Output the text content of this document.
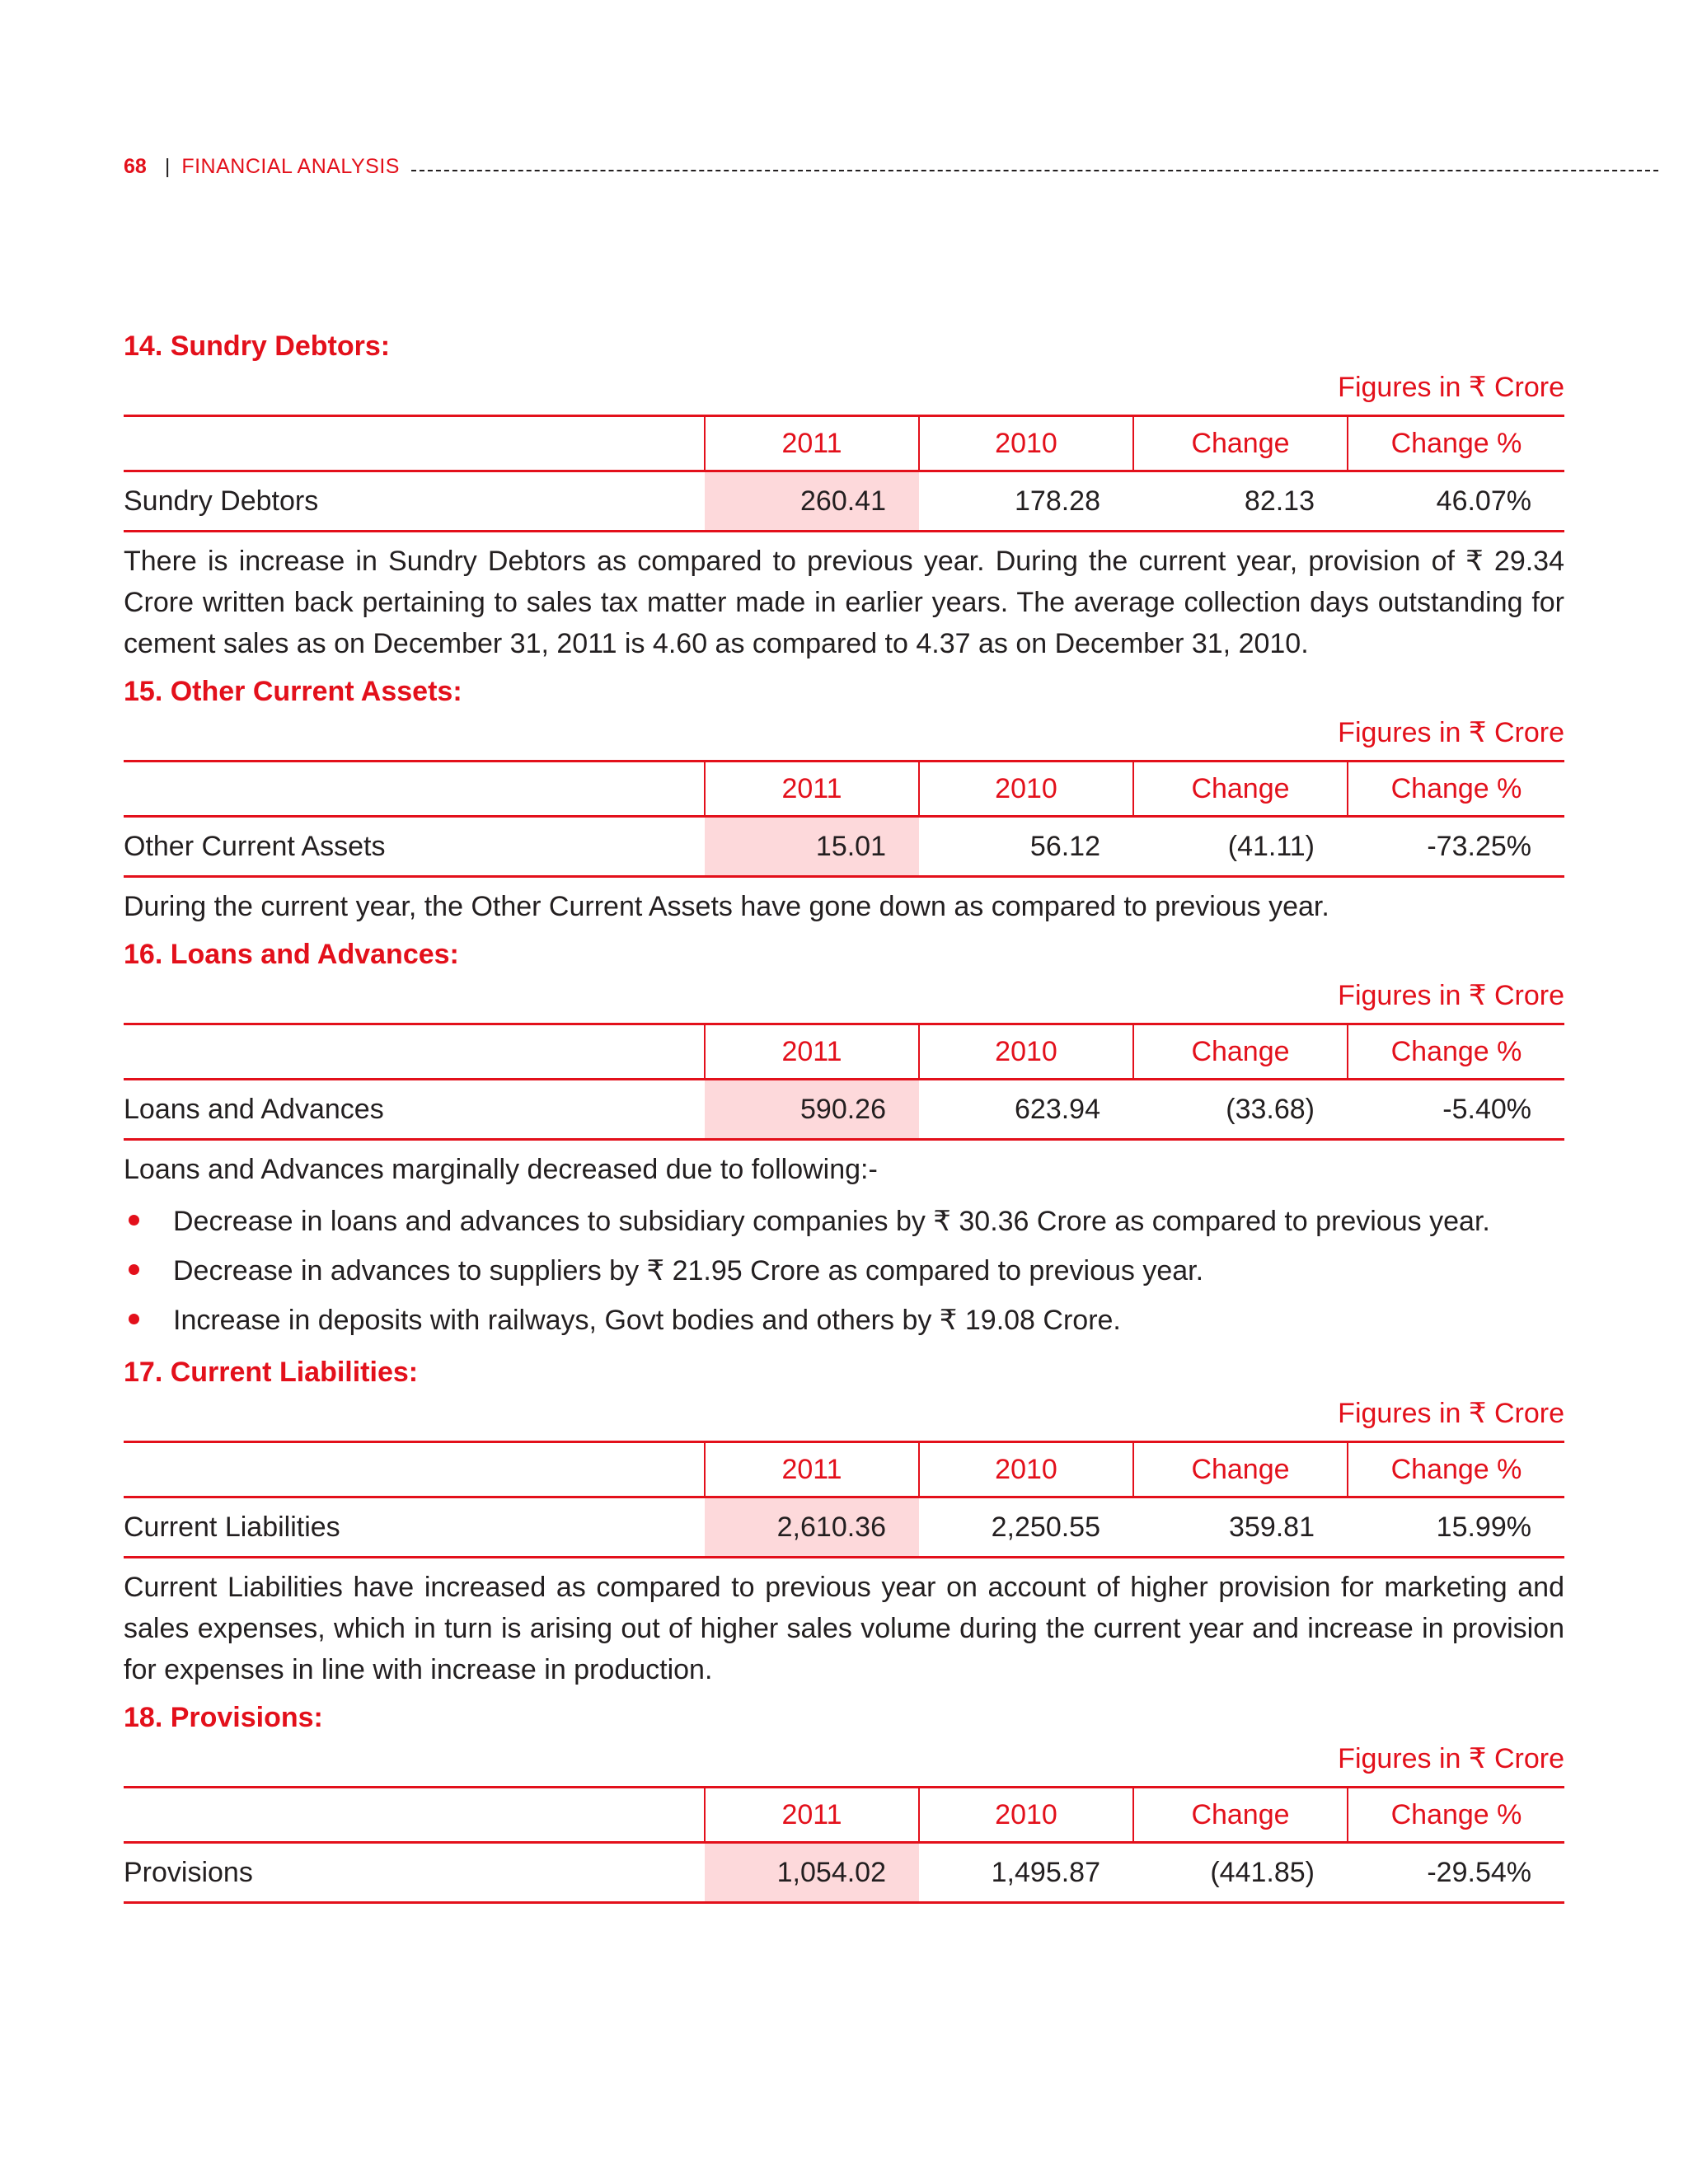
68 | FINANCIAL ANALYSIS
14. Sundry Debtors:
Figures in ₹ Crore
	2011	2010	Change	Change %
Sundry Debtors	260.41	178.28	82.13	46.07%

There is increase in Sundry Debtors as compared to previous year. During the current year, provision of ₹ 29.34 Crore written back pertaining to sales tax matter made in earlier years. The average collection days outstanding for cement sales as on December 31, 2011 is 4.60 as compared to 4.37 as on December 31, 2010.

15. Other Current Assets:
Figures in ₹ Crore
	2011	2010	Change	Change %
Other Current Assets	15.01	56.12	(41.11)	-73.25%

During the current year, the Other Current Assets have gone down as compared to previous year.

16. Loans and Advances:
Figures in ₹ Crore
	2011	2010	Change	Change %
Loans and Advances	590.26	623.94	(33.68)	-5.40%

Loans and Advances marginally decreased due to following:-

Decrease in loans and advances to subsidiary companies by ₹ 30.36 Crore as compared to previous year.
Decrease in advances to suppliers by ₹ 21.95 Crore as compared to previous year.
Increase in deposits with railways, Govt bodies and others by ₹ 19.08 Crore.
17. Current Liabilities:
Figures in ₹ Crore
	2011	2010	Change	Change %
Current Liabilities	2,610.36	2,250.55	359.81	15.99%

Current Liabilities have increased as compared to previous year on account of higher provision for marketing and sales expenses, which in turn is arising out of higher sales volume during the current year and increase in provision for expenses in line with increase in production.

18. Provisions:
Figures in ₹ Crore
	2011	2010	Change	Change %
Provisions	1,054.02	1,495.87	(441.85)	-29.54%
